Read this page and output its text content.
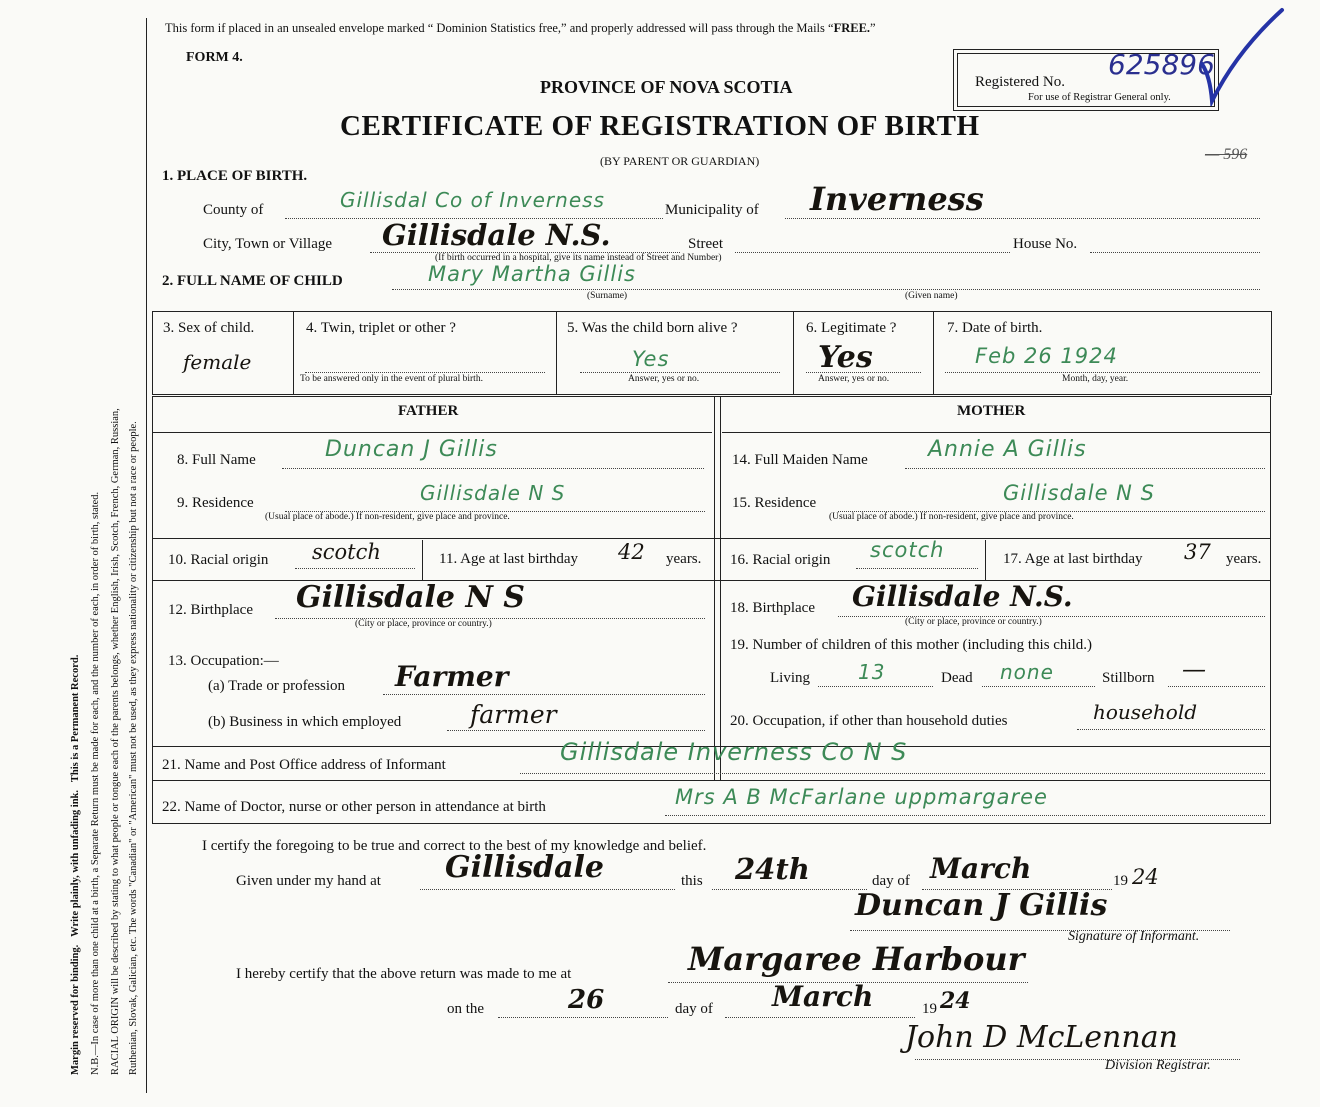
Margin reserved for binding.   Write plainly, with unfading ink.   This is a Permanent Record. N.B.—In case of more than one child at a birth, a Separate Return must be made for each, and the number of each, in order of birth, stated. RACIAL ORIGIN will be described by stating to what people or tongue each of the parents belongs, whether English, Irish, Scotch, French, German, Russian, Ruthenian, Slovak, Galician, etc. The words "Canadian" or "American" must not be used, as they express nationality or citizenship but not a race or people.
This form if placed in an unsealed envelope marked “ Dominion Statistics free,” and properly addressed will pass through the Mails “FREE.”
FORM 4.
PROVINCE OF NOVA SCOTIA
CERTIFICATE OF REGISTRATION OF BIRTH
(BY PARENT OR GUARDIAN)
Registered No.
625896
For use of Registrar General only.
— 596
1. PLACE OF BIRTH.
County of	Gillisdal Co of Inverness	Municipality of Inverness
City, Town or Village Gillisdale N.S.	Street	House No.
(If birth occurred in a hospital, give its name instead of Street and Number)
2. FULL NAME OF CHILD	Mary Martha Gillis
(Surname)	(Given name)
3. Sex of child.
female
4. Twin, triplet or other ?
To be answered only in the event of plural birth.
5. Was the child born alive ?
Yes
Answer, yes or no.
6. Legitimate ?
Yes
Answer, yes or no.
7. Date of birth.
Feb 26 1924
Month, day, year.
FATHER	MOTHER
8. Full Name	Duncan J Gillis
9. Residence	Gillisdale N S
(Usual place of abode.) If non-resident, give place and province.
10. Racial origin scotch	11. Age at last birthday 42 years.
12. Birthplace Gillisdale N S
(City or place, province or country.)
13. Occupation:—
(a) Trade or profession Farmer
(b) Business in which employed	farmer
14. Full Maiden Name	Annie A Gillis
15. Residence	Gillisdale N S
(Usual place of abode.) If non-resident, give place and province.
16. Racial origin scotch	17. Age at last birthday 37 years.
18. Birthplace Gillisdale N.S.
(City or place, province or country.)
19. Number of children of this mother (including this child.)
Living 13	Dead none	Stillborn —
20. Occupation, if other than household duties	household
21. Name and Post Office address of Informant	Gillisdale Inverness Co N S
22. Name of Doctor, nurse or other person in attendance at birth	Mrs A B McFarlane uppmargaree
I certify the foregoing to be true and correct to the best of my knowledge and belief.
Given under my hand at Gillisdale	this 24th	day of March	19 24
Duncan J Gillis
Signature of Informant.
I hereby certify that the above return was made to me at	Margaree Harbour
on the	26	day of March	19 24
John D McLennan
Division Registrar.
